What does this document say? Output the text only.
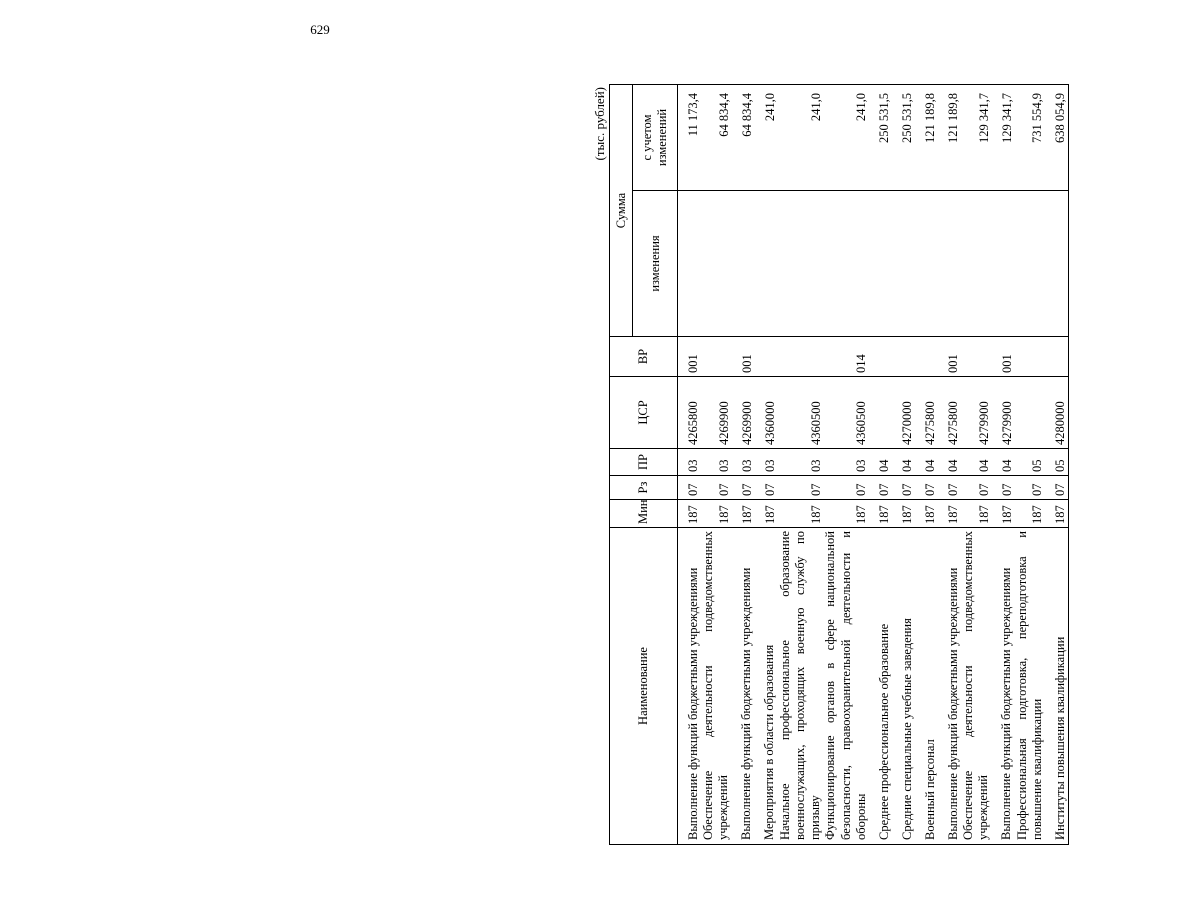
629
(тыс. рублей)
Наименование	Мин	Рз	ПР	ЦСР	ВР	Сумма	
						изменения	с учетом изменений
Выполнение функций бюджетными учреждениями	187	07	03	4265800	001		11 173,4
Обеспечение деятельности подведомственных учреждений	187	07	03	4269900			64 834,4
Выполнение функций бюджетными учреждениями	187	07	03	4269900	001		64 834,4
Мероприятия в области образования	187	07	03	4360000			241,0
Начальное профессиональное образование военнослужащих, проходящих военную службу по призыву	187	07	03	4360500			241,0
Функционирование органов в сфере национальной безопасности, правоохранительной деятельности и обороны	187	07	03	4360500	014		241,0
Среднее профессиональное образование	187	07	04				250 531,5
Средние специальные учебные заведения	187	07	04	4270000			250 531,5
Военный персонал	187	07	04	4275800			121 189,8
Выполнение функций бюджетными учреждениями	187	07	04	4275800	001		121 189,8
Обеспечение деятельности подведомственных учреждений	187	07	04	4279900			129 341,7
Выполнение функций бюджетными учреждениями	187	07	04	4279900	001		129 341,7
Профессиональная подготовка, переподготовка и повышение квалификации	187	07	05				731 554,9
Институты повышения квалификации	187	07	05	4280000			638 054,9
